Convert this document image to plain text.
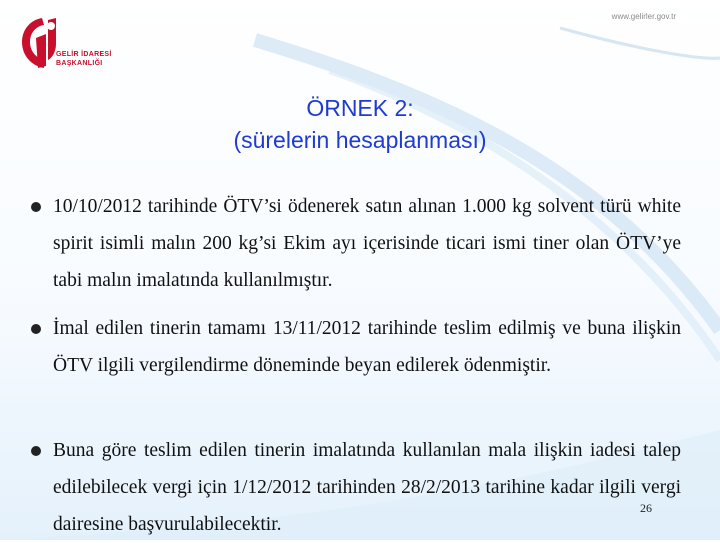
GELİR İDARESİ
BAŞKANLIĞI
www.gelirler.gov.tr
ÖRNEK 2:
(sürelerin hesaplanması)
10/10/2012 tarihinde ÖTV’si ödenerek satın alınan 1.000 kg solvent türü white spirit isimli malın 200 kg’si Ekim ayı içerisinde ticari ismi tiner olan ÖTV’ye tabi malın imalatında kullanılmıştır.
İmal edilen tinerin tamamı 13/11/2012 tarihinde teslim edilmiş ve buna ilişkin ÖTV ilgili vergilendirme döneminde beyan edilerek ödenmiştir.
Buna göre teslim edilen tinerin imalatında kullanılan mala ilişkin iadesi talep edilebilecek vergi için 1/12/2012 tarihinden 28/2/2013 tarihine kadar ilgili vergi dairesine başvurulabilecektir.
26
